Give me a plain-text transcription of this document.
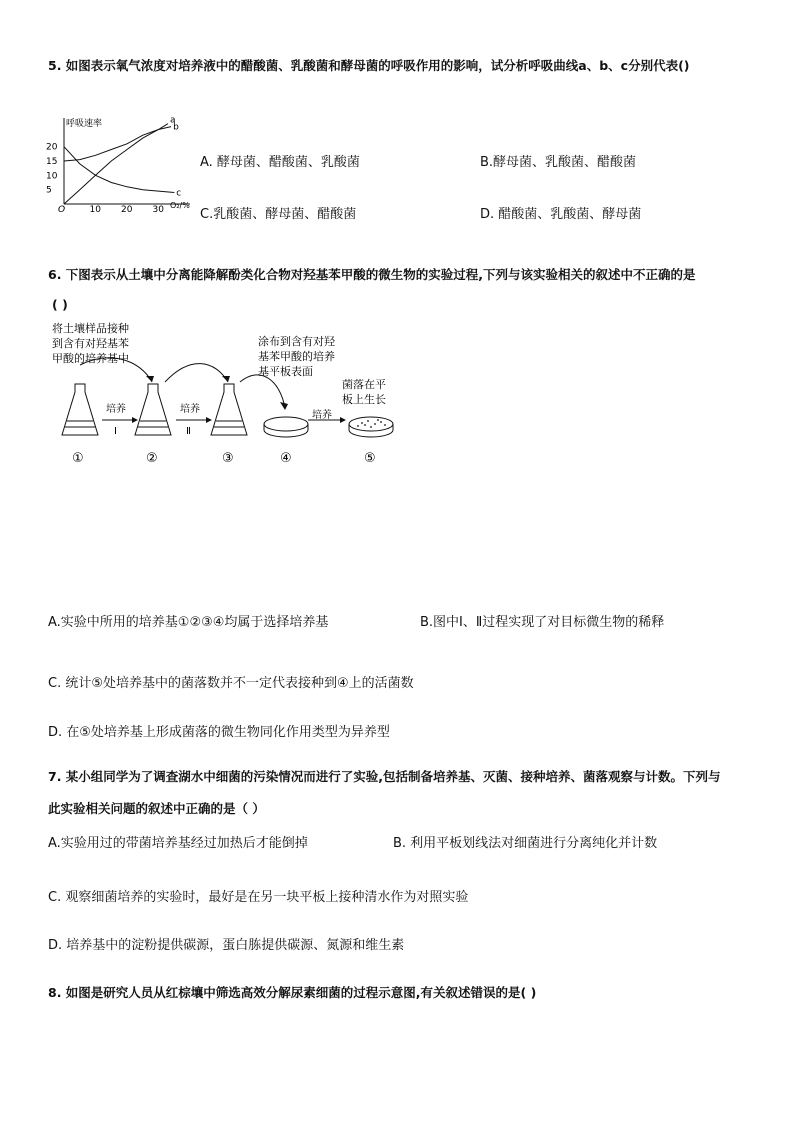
5. 如图表示氧气浓度对培养液中的醋酸菌、乳酸菌和酵母菌的呼吸作用的影响，试分析呼吸曲线a、b、c分别代表()
呼吸速率
O₂/%
O
5
10
15
20
10 20 30
a
b
c
A. 酵母菌、醋酸菌、乳酸菌	B.酵母菌、乳酸菌、醋酸菌
C.乳酸菌、酵母菌、醋酸菌	D. 醋酸菌、乳酸菌、酵母菌
6. 下图表示从土壤中分离能降解酚类化合物对羟基苯甲酸的微生物的实验过程,下列与该实验相关的叙述中不正确的是
( )
将土壤样品接种
到含有对羟基苯
甲酸的培养基中
涂布到含有对羟
基苯甲酸的培养
基平板表面
菌落在平
板上生长
培养
Ⅰ
培养
Ⅱ
培养
①	②	③	④	⑤
A.实验中所用的培养基①②③④均属于选择培养基	B.图中Ⅰ、Ⅱ过程实现了对目标微生物的稀释
C. 统计⑤处培养基中的菌落数并不一定代表接种到④上的活菌数
D. 在⑤处培养基上形成菌落的微生物同化作用类型为异养型
7. 某小组同学为了调查湖水中细菌的污染情况而进行了实验,包括制备培养基、灭菌、接种培养、菌落观察与计数。下列与
此实验相关问题的叙述中正确的是（ ）
A.实验用过的带菌培养基经过加热后才能倒掉	B. 利用平板划线法对细菌进行分离纯化并计数
C. 观察细菌培养的实验时，最好是在另一块平板上接种清水作为对照实验
D. 培养基中的淀粉提供碳源，蛋白胨提供碳源、氮源和维生素
8. 如图是研究人员从红棕壤中筛选高效分解尿素细菌的过程示意图,有关叙述错误的是( )
